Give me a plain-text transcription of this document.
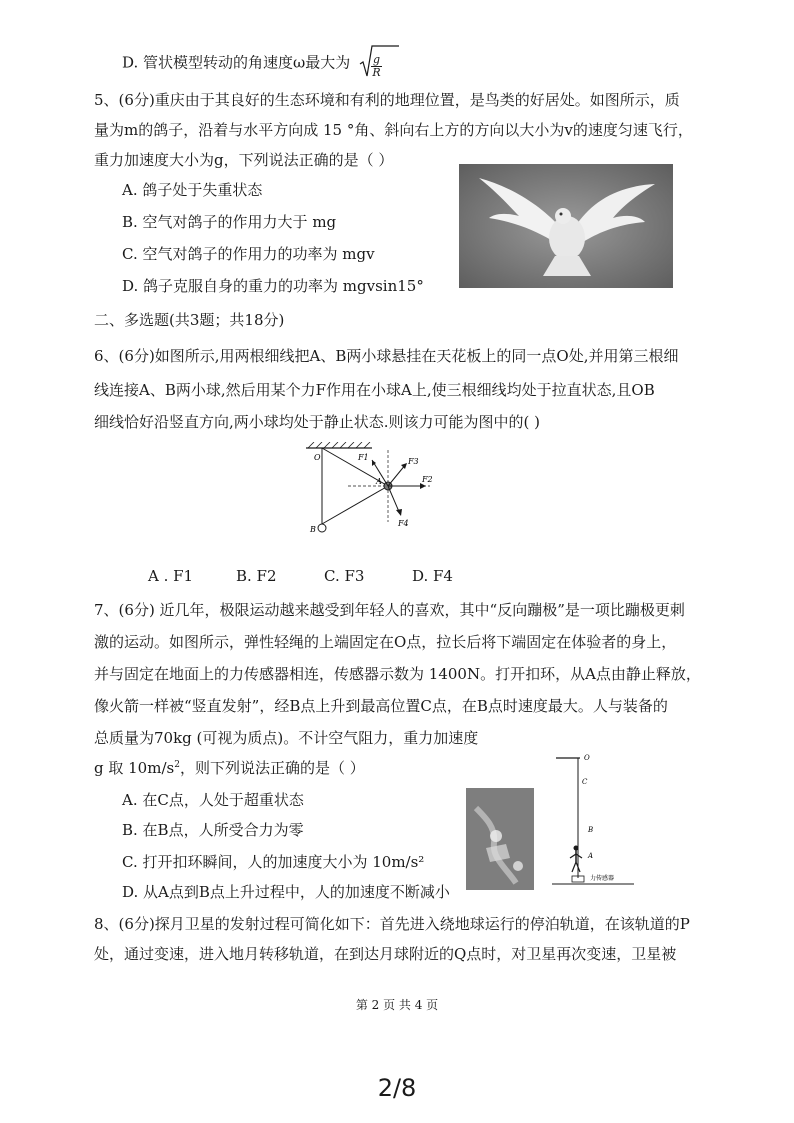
D. 管状模型转动的角速度ω最大为 $\frac{g}{R}$
5、(6分)重庆由于其良好的生态环境和有利的地理位置，是鸟类的好居处。如图所示，质
量为m的鸽子，沿着与水平方向成 15 °角、斜向右上方的方向以大小为v的速度匀速飞行，
重力加速度大小为g，下列说法正确的是（ ）
A. 鸽子处于失重状态
B. 空气对鸽子的作用力大于 mg
C. 空气对鸽子的作用力的功率为 mgv
D. 鸽子克服自身的重力的功率为 mgvsin15°
二、多选题(共3题；共18分)
6、(6分)如图所示,用两根细线把A、B两小球悬挂在天花板上的同一点O处,并用第三根细
线连接A、B两小球,然后用某个力F作用在小球A上,使三根细线均处于拉直状态,且OB
细线恰好沿竖直方向,两小球均处于静止状态.则该力可能为图中的( )
O
B
A
F1
F2
F3
F4
A . F1	B. F2	C. F3	D. F4
7、(6分) 近几年，极限运动越来越受到年轻人的喜欢，其中“反向蹦极”是一项比蹦极更刺
激的运动。如图所示，弹性轻绳的上端固定在O点，拉长后将下端固定在体验者的身上，
并与固定在地面上的力传感器相连，传感器示数为 1400N。打开扣环，从A点由静止释放，
像火箭一样被“竖直发射”，经B点上升到最高位置C点，在B点时速度最大。人与装备的
总质量为70kg (可视为质点)。不计空气阻力，重力加速度
g 取 $10m/s^2$，则下列说法正确的是（ ）
A. 在C点，人处于超重状态
B. 在B点，人所受合力为零
C. 打开扣环瞬间，人的加速度大小为 10m/s²
D. 从A点到B点上升过程中，人的加速度不断减小
O
C
B
A
力传感器
8、(6分)探月卫星的发射过程可简化如下：首先进入绕地球运行的停泊轨道，在该轨道的P
处，通过变速，进入地月转移轨道，在到达月球附近的Q点时，对卫星再次变速，卫星被
第 2 页 共 4 页
2/8
